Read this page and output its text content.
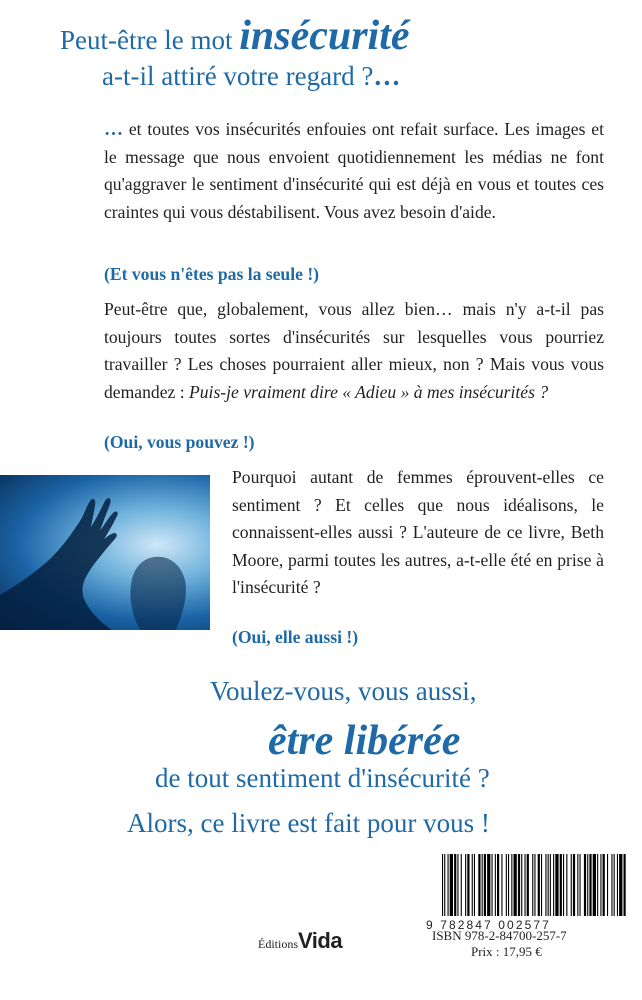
Peut-être le mot insécurité
a-t-il attiré votre regard ?…
… et toutes vos insécurités enfouies ont refait surface. Les images et le message que nous envoient quotidiennement les médias ne font qu'aggraver le sentiment d'insécurité qui est déjà en vous et toutes ces craintes qui vous déstabilisent. Vous avez besoin d'aide.
(Et vous n'êtes pas la seule !)
Peut-être que, globalement, vous allez bien… mais n'y a-t-il pas toujours toutes sortes d'insécurités sur lesquelles vous pourriez travailler ? Les choses pourraient aller mieux, non ? Mais vous vous demandez : Puis-je vraiment dire « Adieu » à mes insécurités ?
(Oui, vous pouvez !)
Pourquoi autant de femmes éprouvent-elles ce sentiment ? Et celles que nous idéalisons, le connaissent-elles aussi ? L'auteure de ce livre, Beth Moore, parmi toutes les autres, a-t-elle été en prise à l'insécurité ?
(Oui, elle aussi !)
Voulez-vous, vous aussi,
être libérée
de tout sentiment d'insécurité ?
Alors, ce livre est fait pour vous !
Éditions Vida
9 782847 002577
ISBN 978-2-84700-257-7
Prix : 17,95 €
